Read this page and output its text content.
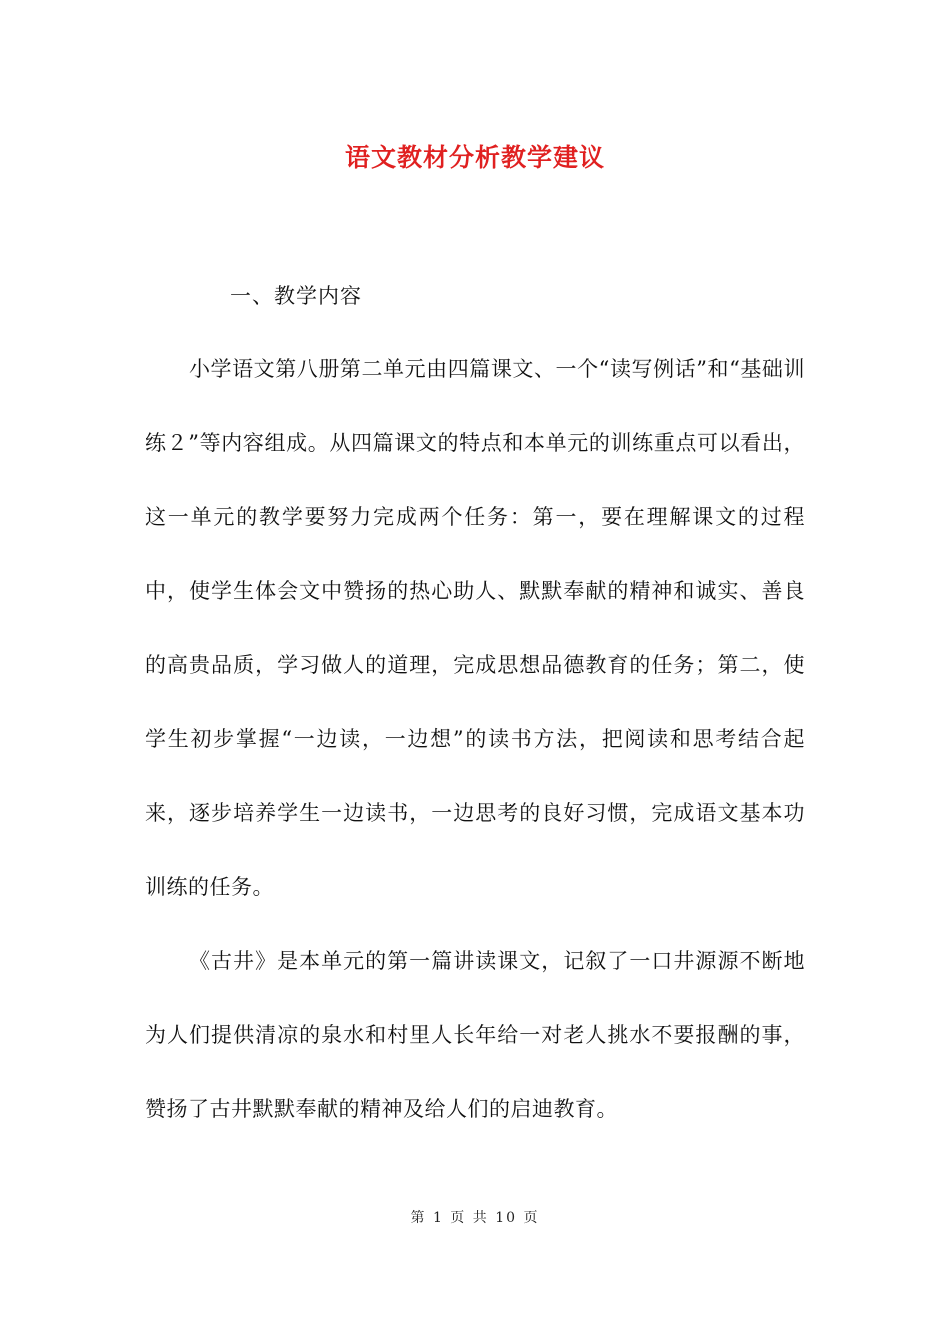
语文教材分析教学建议
一、教学内容

小学语文第八册第二单元由四篇课文、一个“读写例话”和“基础训练２”等内容组成。从四篇课文的特点和本单元的训练重点可以看出，这一单元的教学要努力完成两个任务：第一，要在理解课文的过程中，使学生体会文中赞扬的热心助人、默默奉献的精神和诚实、善良的高贵品质，学习做人的道理，完成思想品德教育的任务；第二，使学生初步掌握“一边读，一边想”的读书方法，把阅读和思考结合起来，逐步培养学生一边读书，一边思考的良好习惯，完成语文基本功训练的任务。

《古井》是本单元的第一篇讲读课文，记叙了一口井源源不断地为人们提供清凉的泉水和村里人长年给一对老人挑水不要报酬的事，赞扬了古井默默奉献的精神及给人们的启迪教育。

第 1 页 共 10 页
